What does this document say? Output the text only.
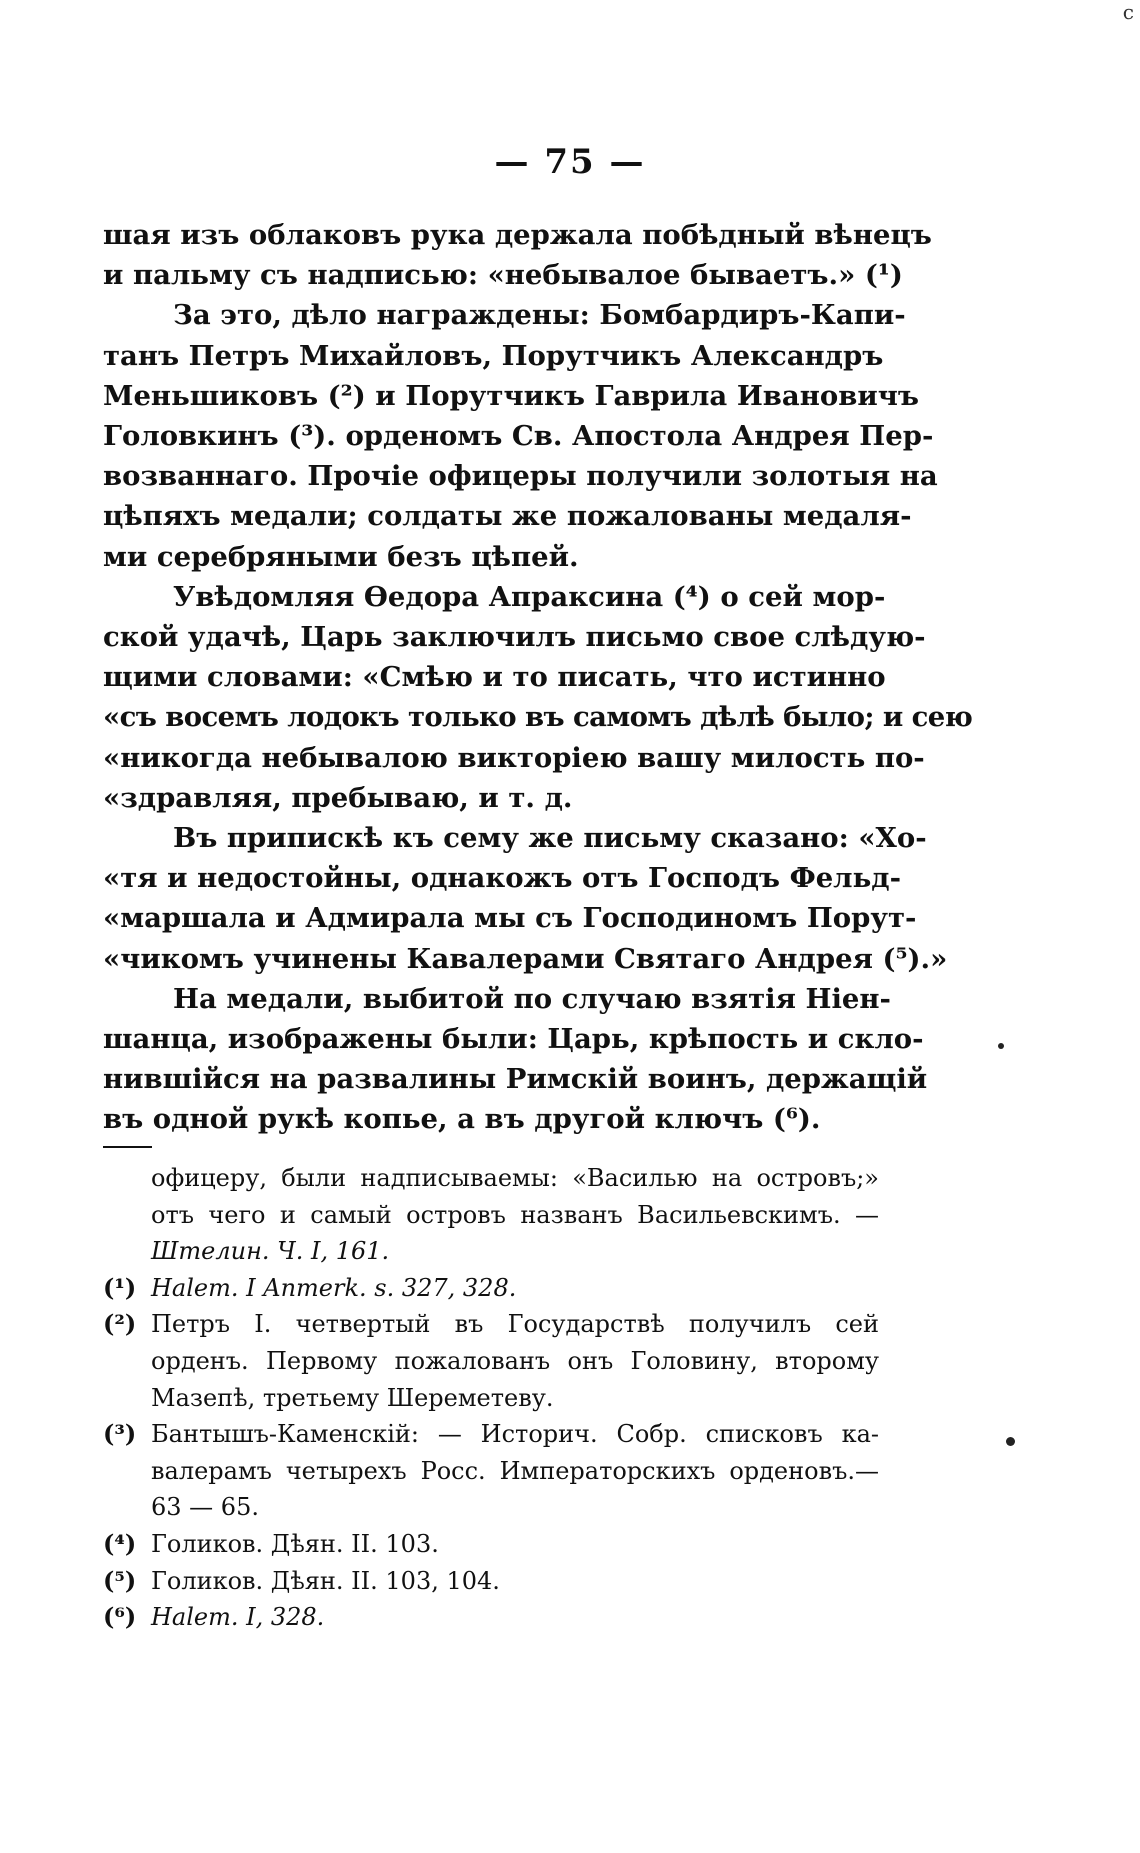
c
— 75 —
шая изъ облаковъ рука держала побѣдный вѣнецъ
и пальму съ надписью: «небывалое бываетъ.» (¹)
За это, дѣло награждены: Бомбардиръ-Капи-
танъ Петръ Михайловъ, Порутчикъ Александръ
Меньшиковъ (²) и Порутчикъ Гаврила Ивановичъ
Головкинъ (³). орденомъ Св. Апостола Андрея Пер-
возваннаго. Прочіе офицеры получили золотыя на
цѣпяхъ медали; солдаты же пожалованы медаля-
ми серебряными безъ цѣпей.
Увѣдомляя Ѳедора Апраксина (⁴) о сей мор-
ской удачѣ, Царь заключилъ письмо свое слѣдую-
щими словами: «Смѣю и то писать, что истинно
«съ восемъ лодокъ только въ самомъ дѣлѣ было; и сею
«никогда небывалою викторіею вашу милость по-
«здравляя, пребываю, и т. д.
Въ припискѣ къ сему же письму сказано: «Хо-
«тя и недостойны, однакожъ отъ Господъ Фельд-
«маршала и Адмирала мы съ Господиномъ Порут-
«чикомъ учинены Кавалерами Святаго Андрея (⁵).»
На медали, выбитой по случаю взятія Ніен-
шанца, изображены были: Царь, крѣпость и скло-
нившійся на развалины Римскій воинъ, держащій
въ одной рукѣ копье, а въ другой ключъ (⁶).
офицеру, были надписываемы: «Василью на островъ;»
отъ чего и самый островъ названъ Васильевскимъ. —
Штелин. Ч. I, 161.
(¹) Halem. I Anmerk. s. 327, 328.
(²) Петръ I. четвертый въ Государствѣ получилъ сей
орденъ. Первому пожалованъ онъ Головину, второму
Мазепѣ, третьему Шереметеву.
(³) Бантышъ-Каменскій: — Историч. Собр. списковъ ка-
валерамъ четырехъ Росс. Императорскихъ орденовъ.—
63 — 65.
(⁴) Голиков. Дѣян. II. 103.
(⁵) Голиков. Дѣян. II. 103, 104.
(⁶) Halem. I, 328.
